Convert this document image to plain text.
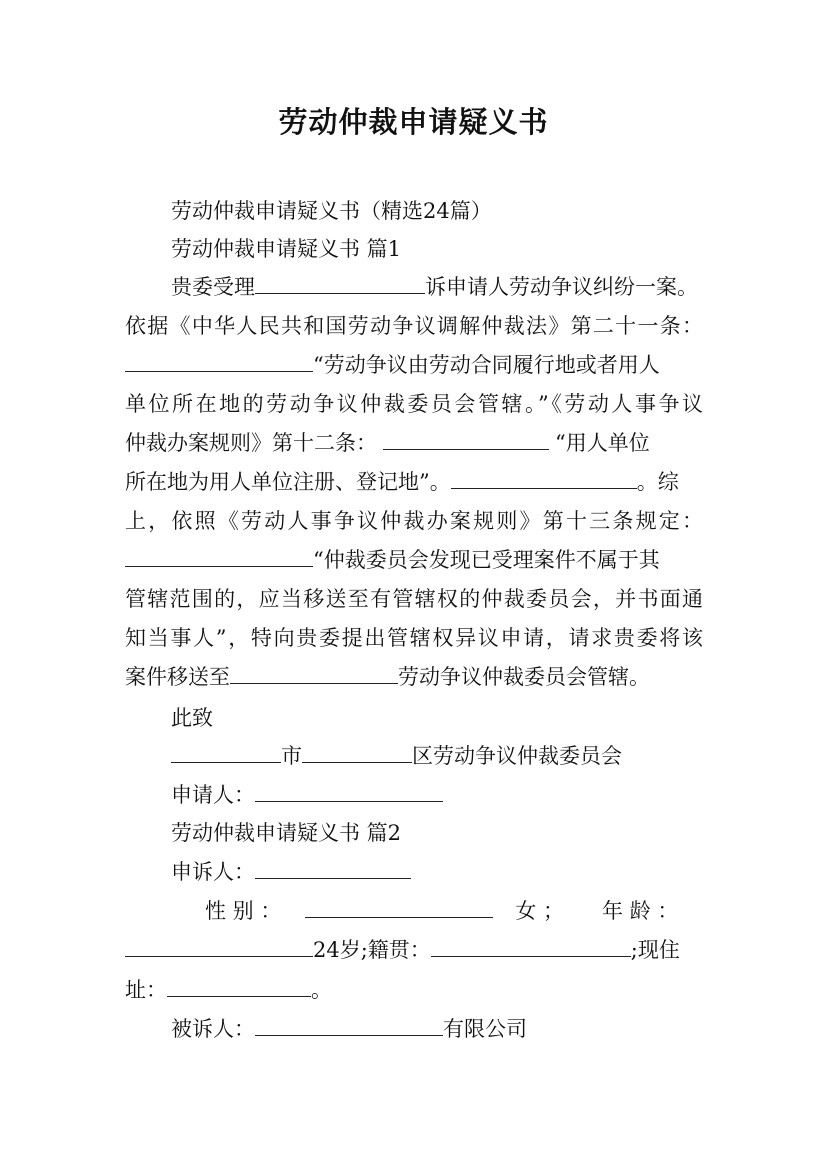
劳动仲裁申请疑义书
劳动仲裁申请疑义书（精选24篇）
劳动仲裁申请疑义书 篇1
贵委受理	诉申请人劳动争议纠纷一案。
依据《中华人民共和国劳动争议调解仲裁法》第二十一条：
“劳动争议由劳动合同履行地或者用人
单位所在地的劳动争议仲裁委员会管辖。”《劳动人事争议
仲裁办案规则》第十二条：	“用人单位
所在地为用人单位注册、登记地”。	。综
上，依照《劳动人事争议仲裁办案规则》第十三条规定：
“仲裁委员会发现已受理案件不属于其
管辖范围的，应当移送至有管辖权的仲裁委员会，并书面通
知当事人”，特向贵委提出管辖权异议申请，请求贵委将该
案件移送至	劳动争议仲裁委员会管辖。
此致
市	区劳动争议仲裁委员会
申请人：
劳动仲裁申请疑义书 篇2
申诉人：
性 别 ：	女 ； 年 龄 ：
24岁;籍贯：	;现住
址：	。
被诉人：	有限公司
